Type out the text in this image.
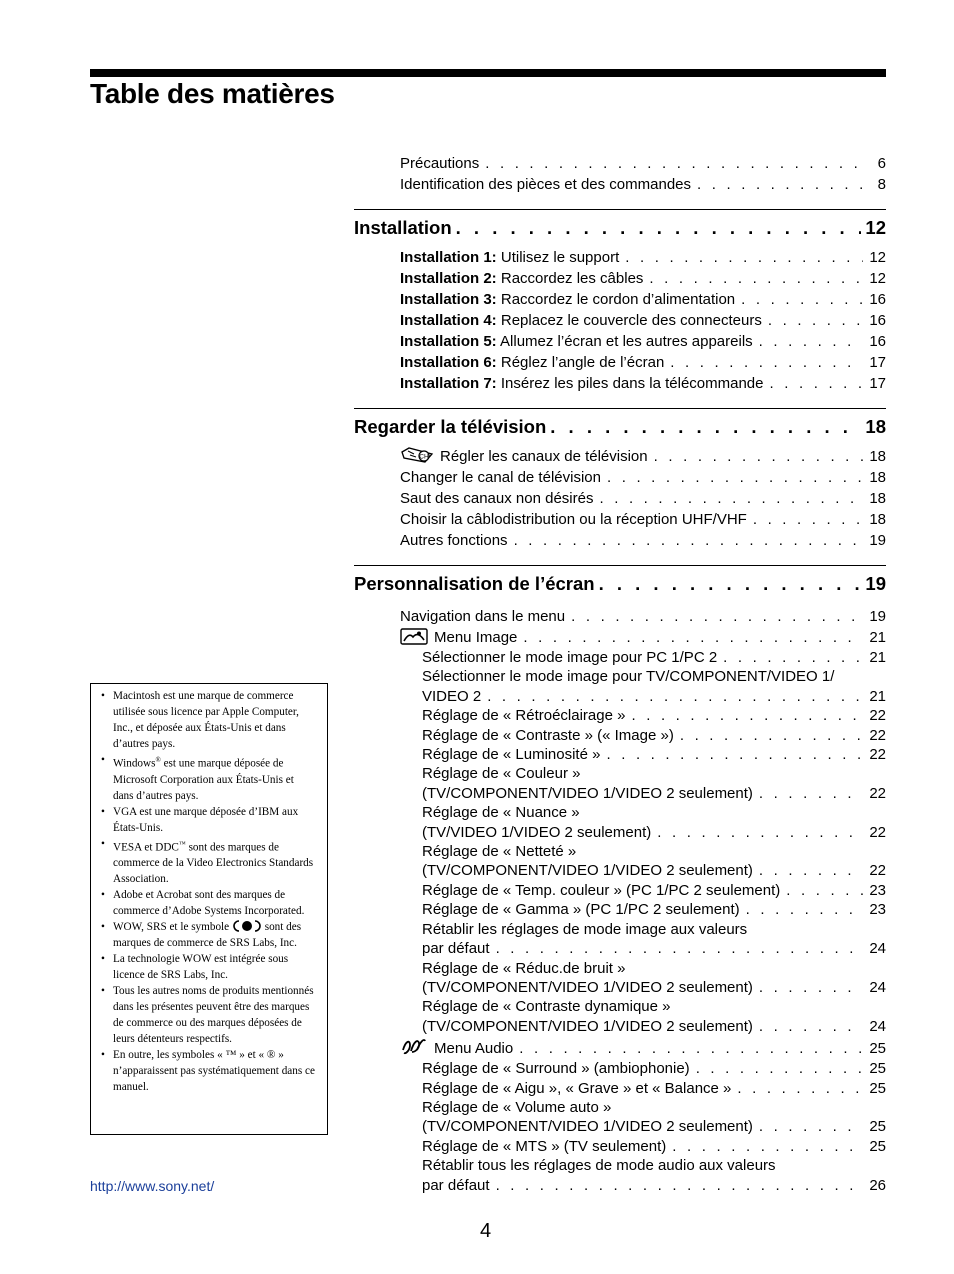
Table des matières
Précautions . . .	6
Identification des pièces et des commandes . . .	8
Installation . . .	12
Installation 1: Utilisez le support . . .	12
Installation 2: Raccordez les câbles . . .	12
Installation 3: Raccordez le cordon d’alimentation . . .	16
Installation 4: Replacez le couvercle des connecteurs . . .	16
Installation 5: Allumez l’écran et les autres appareils . . .	16
Installation 6: Réglez l’angle de l’écran . . .	17
Installation 7: Insérez les piles dans la télécommande . . .	17
Regarder la télévision . . .	18
CH Régler les canaux de télévision . . .	18
Changer le canal de télévision . . .	18
Saut des canaux non désirés . . .	18
Choisir la câblodistribution ou la réception UHF/VHF . . .	18
Autres fonctions . . .	19
Personnalisation de l’écran . . .	19
Navigation dans le menu . . .	19
Menu Image . . .	21
Sélectionner le mode image pour PC 1/PC 2 . . .	21
Sélectionner le mode image pour TV/COMPONENT/VIDEO 1/
VIDEO 2 . . .	21
Réglage de « Rétroéclairage » . . .	22
Réglage de « Contraste » (« Image ») . . .	22
Réglage de « Luminosité » . . .	22
Réglage de « Couleur »
(TV/COMPONENT/VIDEO 1/VIDEO 2 seulement) . . .	22
Réglage de « Nuance »
(TV/VIDEO 1/VIDEO 2 seulement) . . .	22
Réglage de « Netteté »
(TV/COMPONENT/VIDEO 1/VIDEO 2 seulement) . . .	22
Réglage de « Temp. couleur » (PC 1/PC 2 seulement) . . .	23
Réglage de « Gamma » (PC 1/PC 2 seulement) . . .	23
Rétablir les réglages de mode image aux valeurs
par défaut . . .	24
Réglage de « Réduc.de bruit »
(TV/COMPONENT/VIDEO 1/VIDEO 2 seulement) . . .	24
Réglage de « Contraste dynamique »
(TV/COMPONENT/VIDEO 1/VIDEO 2 seulement) . . .	24
Menu Audio . . .	25
Réglage de « Surround » (ambiophonie) . . .	25
Réglage de « Aigu », « Grave » et « Balance » . . .	25
Réglage de « Volume auto »
(TV/COMPONENT/VIDEO 1/VIDEO 2 seulement) . . .	25
Réglage de « MTS » (TV seulement) . . .	25
Rétablir tous les réglages de mode audio aux valeurs
par défaut . . .	26
• Macintosh est une marque de commerce utilisée sous licence par Apple Computer, Inc., et déposée aux États-Unis et dans d’autres pays.
• Windows® est une marque déposée de Microsoft Corporation aux États-Unis et dans d’autres pays.
• VGA est une marque déposée d’IBM aux États-Unis.
• VESA et DDC™ sont des marques de commerce de la Video Electronics Standards Association.
• Adobe et Acrobat sont des marques de commerce d’Adobe Systems Incorporated.
• WOW, SRS et le symbole	sont des marques de commerce de SRS Labs, Inc.
• La technologie WOW est intégrée sous licence de SRS Labs, Inc.
• Tous les autres noms de produits mentionnés dans les présentes peuvent être des marques de commerce ou des marques déposées de leurs détenteurs respectifs.
• En outre, les symboles « ™ » et « ® » n’apparaissent pas systématiquement dans ce manuel.
http://www.sony.net/
4
